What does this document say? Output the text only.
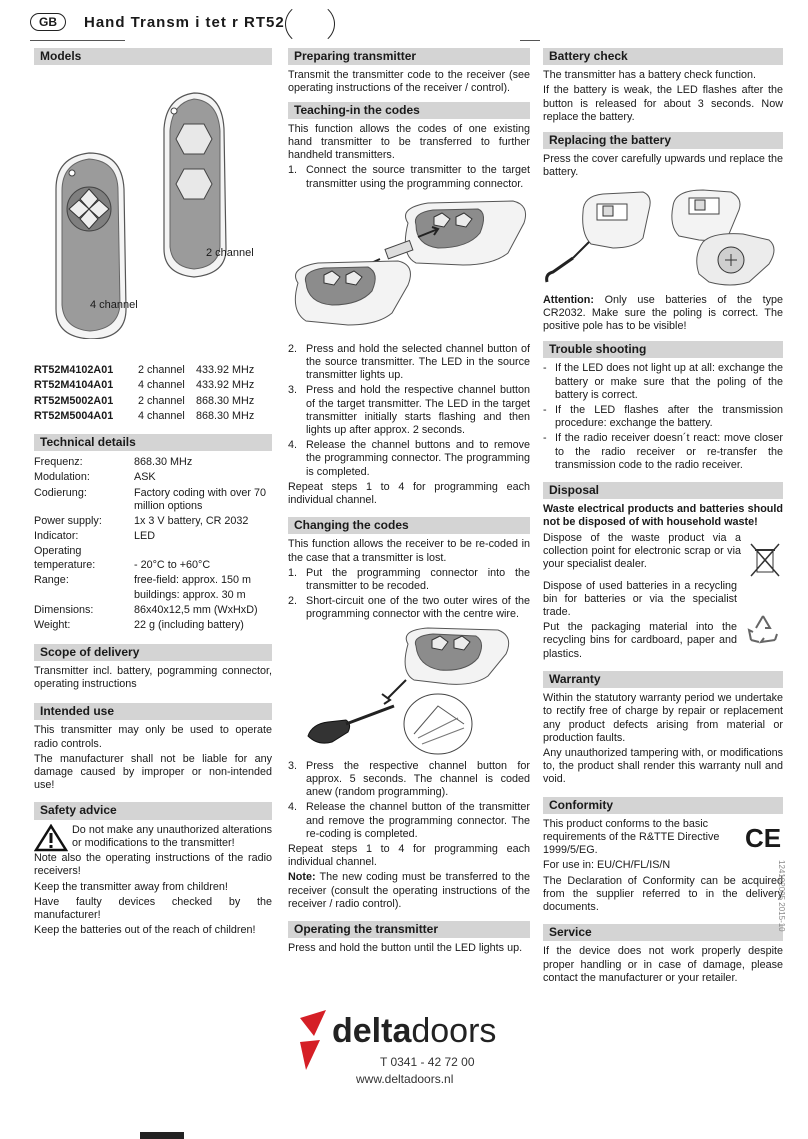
GB	Hand Transm i tet r RT52
Models
2 channel
4 channel
RT52M4102A01	2 channel	433.92 MHz
RT52M4104A01	4 channel	433.92 MHz
RT52M5002A01	2 channel	868.30 MHz
RT52M5004A01	4 channel	868.30 MHz
Technical details
Frequenz:	868.30 MHz
Modulation:	ASK
Codierung:	Factory coding with over 70 million options
Power supply:	1x 3 V battery, CR 2032
Indicator:	LED
Operating temperature:	- 20°C to +60°C
Range:	free-field: approx. 150 m
	buildings: approx. 30 m
Dimensions:	86x40x12,5 mm (WxHxD)
Weight:	22 g (including battery)
Scope of delivery
Transmitter incl. battery, pogramming connector, operating instructions
Intended use
This transmitter may only be used to operate radio controls.
The manufacturer shall not be liable for any damage caused by improper or non-intended use!
Safety advice
Do not make any unauthorized alterations or modifications to the transmitter!
Note also the operating instructions of the radio receivers!
Keep the transmitter away from children!
Have faulty devices checked by the manufacturer!
Keep the batteries out of the reach of children!
Preparing transmitter
Transmit the transmitter code to the receiver (see operating instructions of the receiver / control).
Teaching-in the codes
This function allows the codes of one existing hand transmitter to be transferred to further handheld transmitters.
1. Connect the source transmitter to the target transmitter using the programming connector.
2. Press and hold the selected channel button of the source transmitter. The LED in the source transmitter lights up.
3. Press and hold the respective channel button of the target transmitter. The LED in the target transmitter initially starts flashing and then lights up after approx. 2 seconds.
4. Release the channel buttons and to remove the programming connector. The programming is completed.
Repeat steps 1 to 4 for programming each individual channel.
Changing the codes
This function allows the receiver to be re-coded in the case that a transmitter is lost.
1. Put the programming connector into the transmitter to be recoded.
2. Short-circuit one of the two outer wires of the programming connector with the centre wire.
3. Press the respective channel button for approx. 5 seconds. The channel is coded anew (random programming).
4. Release the channel button of the transmitter and remove the programming connector. The re-coding is completed.
Repeat steps 1 to 4 for programming each individual channel.
Note: The new coding must be transferred to the receiver (consult the operating instructions of the receiver / radio control).
Operating the transmitter
Press and hold the button until the LED lights up.
Battery check
The transmitter has a battery check function.
If the battery is weak, the LED flashes after the button is released for about 3 seconds. Now replace the battery.
Replacing the battery
Press the cover carefully upwards und replace the battery.
Attention: Only use batteries of the type CR2032. Make sure the poling is correct. The positive pole has to be visible!
Trouble shooting
- If the LED does not light up at all: exchange the battery or make sure that the poling of the battery is correct.
- If the LED flashes after the transmission procedure: exchange the battery.
- If the radio receiver doesn´t react: move closer to the radio receiver or re-transfer the transmission code to the radio receiver.
Disposal
Waste electrical products and batteries should not be disposed of with household waste!
Dispose of the waste product via a collection point for electronic scrap or via your specialist dealer.
Dispose of used batteries in a recycling bin for batteries or via the specialist trade.
Put the packaging material into the recycling bins for cardboard, paper and plastics.
Warranty
Within the statutory warranty period we undertake to rectify free of charge by repair or replacement any product defects arising from material or production faults.
Any unauthorized tampering with, or modifications to, the product shall render this warranty null and void.
Conformity
This product conforms to the basic requirements of the R&TTE Directive 1999/5/EG.	CE
For use in: EU/CH/FL/IS/N
The Declaration of Conformity can be acquired from the supplier referred to in the delivery documents.
Service
If the device does not work properly despite proper handling or in case of damage, please contact the manufacturer or your retailer.
deltadoors
T 0341 - 42 72 00
www.deltadoors.nl
124192005 2015-10
